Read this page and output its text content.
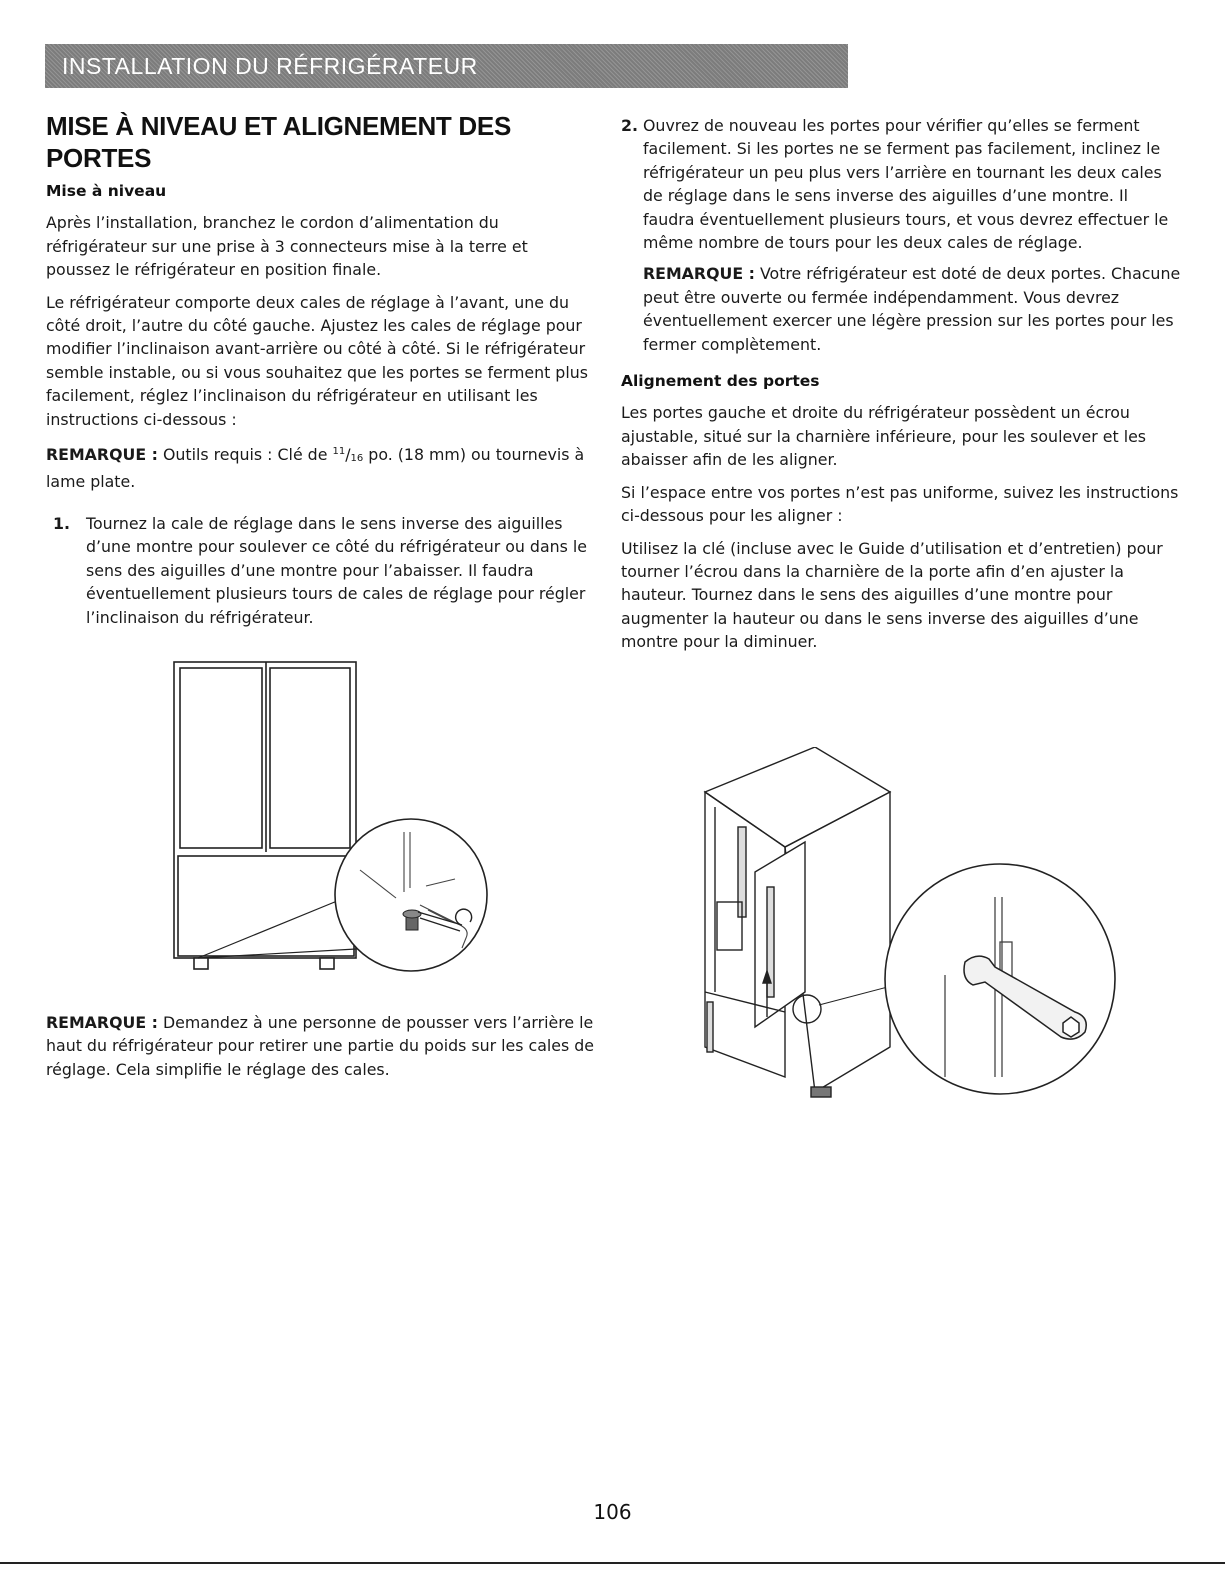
INSTALLATION DU RÉFRIGÉRATEUR
MISE À NIVEAU ET ALIGNEMENT DES PORTES
Mise à niveau

Après l’installation, branchez le cordon d’alimentation du réfrigérateur sur une prise à 3 connecteurs mise à la terre et poussez le réfrigérateur en position finale.

Le réfrigérateur comporte deux cales de réglage à l’avant, une du côté droit, l’autre du côté gauche. Ajustez les cales de réglage pour modifier l’inclinaison avant-arrière ou côté à côté. Si le réfrigérateur semble instable, ou si vous souhaitez que les portes se ferment plus facilement, réglez l’inclinaison du réfrigérateur en utilisant les instructions ci-dessous :

REMARQUE : Outils requis : Clé de $^{11}/_{16}$ po. (18 mm) ou tournevis à lame plate.

1. Tournez la cale de réglage dans le sens inverse des aiguilles d’une montre pour soulever ce côté du réfrigérateur ou dans le sens des aiguilles d’une montre pour l’abaisser. Il faudra éventuellement plusieurs tours de cales de réglage pour régler l’inclinaison du réfrigérateur.
REMARQUE : Demandez à une personne de pousser vers l’arrière le haut du réfrigérateur pour retirer une partie du poids sur les cales de réglage. Cela simplifie le réglage des cales.
2. Ouvrez de nouveau les portes pour vérifier qu’elles se ferment facilement. Si les portes ne se ferment pas facilement, inclinez le réfrigérateur un peu plus vers l’arrière en tournant les deux cales de réglage dans le sens inverse des aiguilles d’une montre. Il faudra éventuellement plusieurs tours, et vous devrez effectuer le même nombre de tours pour les deux cales de réglage.

REMARQUE : Votre réfrigérateur est doté de deux portes. Chacune peut être ouverte ou fermée indépendamment. Vous devrez éventuellement exercer une légère pression sur les portes pour les fermer complètement.

Alignement des portes

Les portes gauche et droite du réfrigérateur possèdent un écrou ajustable, situé sur la charnière inférieure, pour les soulever et les abaisser afin de les aligner.

Si l’espace entre vos portes n’est pas uniforme, suivez les instructions ci-dessous pour les aligner :

Utilisez la clé (incluse avec le Guide d’utilisation et d’entretien) pour tourner l’écrou dans la charnière de la porte afin d’en ajuster la hauteur. Tournez dans le sens des aiguilles d’une montre pour augmenter la hauteur ou dans le sens inverse des aiguilles d’une montre pour la diminuer.

106
